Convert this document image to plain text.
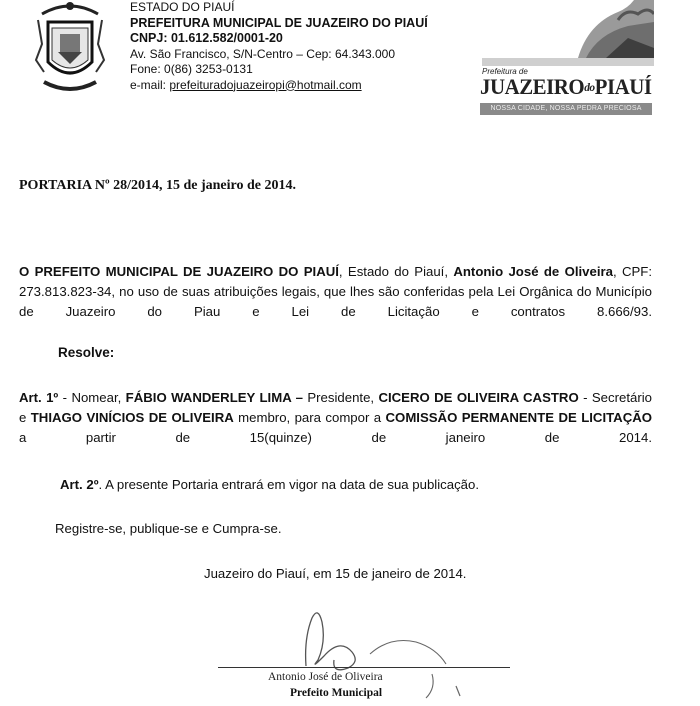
ESTADO DO PIAUÍ
PREFEITURA MUNICIPAL DE JUAZEIRO DO PIAUÍ
CNPJ: 01.612.582/0001-20
Av. São Francisco, S/N-Centro – Cep: 64.343.000
Fone: 0(86) 3253-0131
e-mail: prefeituradojuazeiropi@hotmail.com
Prefeitura de
JUAZEIROdoPIAUÍ
NOSSA CIDADE, NOSSA PEDRA PRECIOSA
PORTARIA Nº 28/2014, 15 de janeiro de 2014.
O PREFEITO MUNICIPAL DE JUAZEIRO DO PIAUÍ, Estado do Piauí, Antonio José de Oliveira, CPF: 273.813.823-34, no uso de suas atribuições legais, que lhes são conferidas pela Lei Orgânica do Município de Juazeiro do Piau e Lei de Licitação e contratos 8.666/93.
Resolve:
Art. 1º - Nomear, FÁBIO WANDERLEY LIMA – Presidente, CICERO DE OLIVEIRA CASTRO - Secretário e THIAGO VINÍCIOS DE OLIVEIRA membro, para compor a COMISSÃO PERMANENTE DE LICITAÇÃO a partir de 15(quinze) de janeiro de 2014.
Art. 2º. A presente Portaria entrará em vigor na data de sua publicação.
Registre-se, publique-se e Cumpra-se.
Juazeiro do Piauí, em 15 de janeiro de 2014.
Antonio José de Oliveira
Prefeito Municipal
